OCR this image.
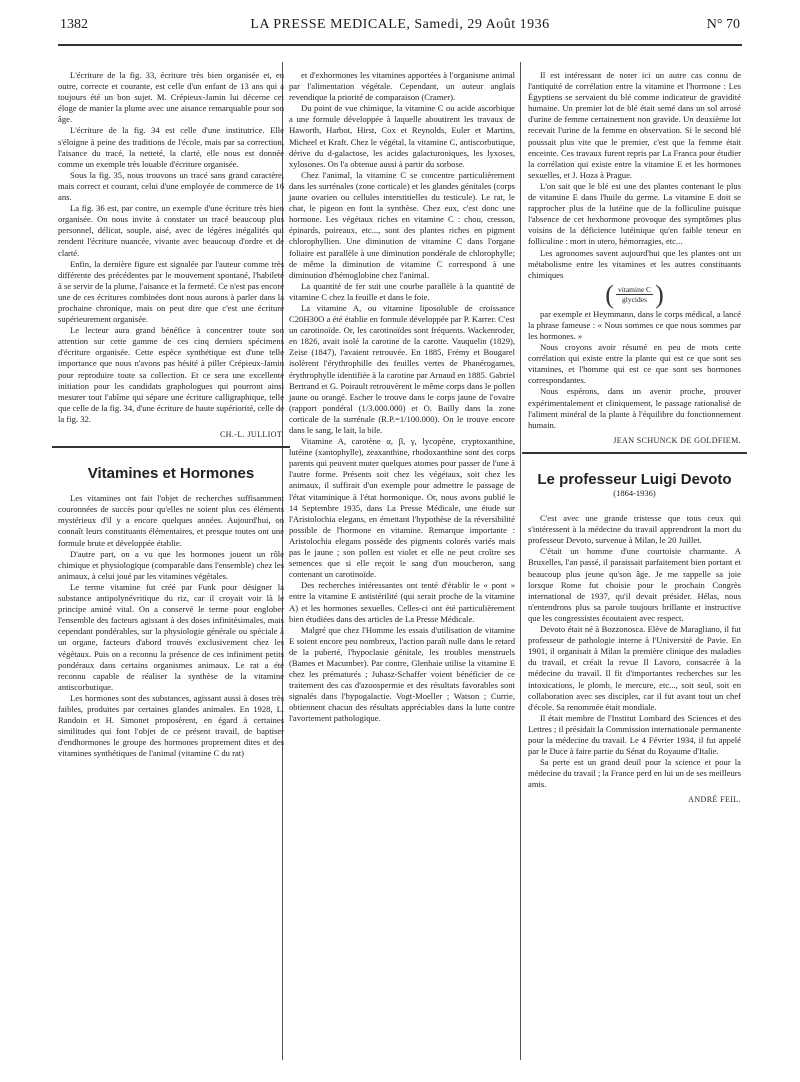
1382	LA PRESSE MEDICALE, Samedi, 29 Août 1936	N° 70

L'écriture de la fig. 33, écriture très bien organisée et, en outre, correcte et courante, est celle d'un enfant de 13 ans qui a toujours été un bon sujet. M. Crépieux-Jamin lui décerne cet éloge de manier la plume avec une aisance remarquable pour son âge.

L'écriture de la fig. 34 est celle d'une institutrice. Elle s'éloigne à peine des traditions de l'école, mais par sa correction, l'aisance du tracé, la netteté, la clarté, elle nous est donnée comme un exemple très louable d'écriture organisée.

Sous la fig. 35, nous trouvons un tracé sans grand caractère, mais correct et courant, celui d'une employée de commerce de 16 ans.

La fig. 36 est, par contre, un exemple d'une écriture très bien organisée. On nous invite à constater un tracé beaucoup plus personnel, délicat, souple, aisé, avec de légères inégalités qui rendent l'écriture nuancée, vivante avec beaucoup d'ordre et de clarté.

Enfin, la dernière figure est signalée par l'auteur comme très différente des précédentes par le mouvement spontané, l'habileté à se servir de la plume, l'aisance et la fermeté. Ce n'est pas encore une de ces écritures combinées dont nous aurons à parler dans la prochaine chronique, mais on peut dire que c'est une écriture supérieurement organisée.

Le lecteur aura grand bénéfice à concentrer toute son attention sur cette gamme de ces cinq derniers spécimens d'écriture organisée. Cette espèce synthétique est d'une telle importance que nous n'avons pas hésité à piller Crépieux-Jamin pour reproduire toute sa collection. Et ce sera une excellente initiation pour les candidats graphologues qui pourront ainsi mesurer tout l'abîme qui sépare une écriture calligraphique, telle que celle de la fig. 34, d'une écriture de haute supériorité, celle de la fig. 32.

CH.-L. JULLIOT.
Vitamines et Hormones

Les vitamines ont fait l'objet de recherches suffisamment couronnées de succès pour qu'elles ne soient plus ces éléments mystérieux d'il y a encore quelques années. Aujourd'hui, on connaît leurs constituants élémentaires, et presque toutes ont une formule brute et développée établie.

D'autre part, on a vu que les hormones jouent un rôle chimique et physiologique (comparable dans l'ensemble) chez les animaux, à celui joué par les vitamines végétales.

Le terme vitamine fut créé par Funk pour désigner la substance antipolynévritique du riz, car il croyait voir là le principe aminé vital. On a conservé le terme pour englober l'ensemble des facteurs agissant à des doses infinitésimales, mais cependant pondérables, sur la physiologie générale ou spéciale à un organe, facteurs d'abord trouvés exclusivement chez les végétaux. Puis on a reconnu la présence de ces infiniment petits pondéraux dans certains organismes animaux. Le rat a été reconnu capable de réaliser la synthèse de la vitamine antiscorbutique.

Les hormones sont des substances, agissant aussi à doses très faibles, produites par certaines glandes animales. En 1928, L. Randoin et H. Simonet proposèrent, en égard à certaines similitudes qui font l'objet de ce présent travail, de baptiser d'endhormones le groupe des hormones proprement dites et des vitamines synthétiques de l'animal (vitamine C du rat)

et d'exhormones les vitamines apportées à l'organisme animal par l'alimentation végétale. Cependant, un auteur anglais revendique la priorité de comparaison (Cramer).

Du point de vue chimique, la vitamine C ou acide ascorbique a une formule développée à laquelle aboutirent les travaux de Haworth, Harbot, Hirst, Cox et Reynolds, Euler et Martins, Micheel et Kraft. Chez le végétal, la vitamine C, antiscorbutique, dérive du d-galactose, les acides galacturoniques, les lyxoses, xylosones. On l'a obtenue aussi à partir du sorbose.

Chez l'animal, la vitamine C se concentre particulièrement dans les surrénales (zone corticale) et les glandes génitales (corps jaune ovarien ou cellules interstitielles du testicule). Le rat, le chat, le pigeon en font la synthèse. Chez eux, c'est donc une hormone. Les végétaux riches en vitamine C : chou, cresson, épinards, poireaux, etc..., sont des plantes riches en pigment chlorophyllien. Une diminution de vitamine C dans l'organe foliaire est parallèle à une diminution pondérale de chlorophylle; de même la diminution de vitamine C correspond à une diminution d'hémoglobine chez l'animal.

La quantité de fer suit une courbe parallèle à la quantité de vitamine C chez la feuille et dans le foie.

La vitamine A, ou vitamine liposoluble de croissance C20H30O a été établie en formule développée par P. Karrer. C'est un carotinoïde. Or, les carotinoïdes sont fréquents. Wackenroder, en 1826, avait isolé la carotine de la carotte. Vauquelin (1829), Zeise (1847), l'avaient retrouvée. En 1885, Frémy et Bougarel isolèrent l'érythrophille des feuilles vertes de Phanérogames, érythrophylle identifiée à la carotine par Arnaud en 1885. Gabriel Bertrand et G. Poirault retrouvèrent le même corps dans le pollen jaune ou orangé. Escher le trouve dans le corps jaune de l'ovaire (rapport pondéral (1/3.000.000) et O. Bailly dans la zone corticale de la surrénale (R.P.=1/100.000). On le trouve encore dans le sang, le lait, la bile.

Vitamine A, carotène α, β, γ, lycopène, cryptoxanthine, lutéine (xantophylle), zeaxanthine, rhodoxanthine sont des corps parents qui peuvent muter quelques atomes pour passer de l'une à l'autre forme. Présents soit chez les végétaux, soit chez les animaux, il suffirait d'un exemple pour admettre le passage de l'état vitaminique à l'état hormonique. Or, nous avons publié le 14 Septembre 1935, dans La Presse Médicale, une étude sur l'Aristolochia elegans, en émettant l'hypothèse de la réversibilité possible de l'hormone en vitamine. Remarque importante : Aristolochia elegans possède des pigments colorés variés mais pas le jaune ; son pollen est violet et elle ne peut croître ses semences que si elle reçoit le sang d'un moucheron, sang contenant un carotinoïde.

Des recherches intéressantes ont tenté d'établir le « pont » entre la vitamine E antistérilité (qui serait proche de la vitamine A) et les hormones sexuelles. Celles-ci ont été particulièrement bien étudiées dans des articles de La Presse Médicale.

Malgré que chez l'Homme les essais d'utilisation de vitamine E soient encore peu nombreux, l'action paraît nulle dans le retard de la puberté, l'hypoclasie génitale, les troubles menstruels (Bames et Macumber). Par contre, Glenhaie utilise la vitamine E chez les prématurés ; Juhasz-Schaffer voient bénéficier de ce traitement des cas d'azoospermie et des résultats favorables sont signalés dans l'hypogalactie. Vogt-Moeller ; Watson ; Currie, obtiennent chacun des résultats appréciables dans la lutte contre l'avortement pathologique.

Il est intéressant de noter ici un autre cas connu de l'antiquité de corrélation entre la vitamine et l'hormone : Les Égyptiens se servaient du blé comme indicateur de gravidité humaine. Un premier lot de blé était semé dans un sol arrosé d'urine de femme certainement non gravide. Un deuxième lot recevait l'urine de la femme en observation. Si le second blé poussait plus vite que le premier, c'est que la femme était enceinte. Ces travaux furent repris par La Franca pour étudier la corrélation qui existe entre la vitamine E et les hormones sexuelles, et J. Hoza à Prague.

L'on sait que le blé est une des plantes contenant le plus de vitamine E dans l'huile du germe. La vitamine E doit se rapprocher plus de la lutéine que de la folliculine puisque l'absence de cet hexhormone provoque des symptômes plus voisins de la déficience lutéinique qu'en faible teneur en folliculine : mort in utero, hémorragies, etc...

Les agronomes savent aujourd'hui que les plantes ont un métabolisme entre les vitamines et les autres constituants chimiques

( $\frac{\text{vitamine C}}{\text{glycides}}$ )

par exemple et Heymmann, dans le corps médical, a lancé la phrase fameuse : « Nous sommes ce que nous sommes par les hormones. »

Nous croyons avoir résumé en peu de mots cette corrélation qui existe entre la plante qui est ce que sont ses vitamines, et l'homme qui est ce que sont ses hormones correspondantes.

Nous espérons, dans un avenir proche, prouver expérimentalement et cliniquement, le passage rationalisé de l'aliment minéral de la plante à l'équilibre du fonctionnement humain.

JEAN SCHUNCK DE GOLDFIEM.
Le professeur Luigi Devoto
(1864-1936)

C'est avec une grande tristesse que tous ceux qui s'intéressent à la médecine du travail apprendront la mort du professeur Devoto, survenue à Milan, le 20 Juillet.

C'était un homme d'une courtoisie charmante. A Bruxelles, l'an passé, il paraissait parfaitement bien portant et beaucoup plus jeune qu'son âge. Je me rappelle sa joie lorsque Rome fut choisie pour le prochain Congrès international de 1937, qu'il devait présider. Hélas, nous n'entendrons plus sa parole toujours brillante et instructive que les congressistes écoutaient avec respect.

Devoto était né à Bozzonosca. Elève de Maragliano, il fut professeur de pathologie interne à l'Université de Pavie. En 1901, il organisait à Milan la première clinique des maladies du travail, et créait la revue Il Lavoro, consacrée à la médecine du travail. Il fit d'importantes recherches sur les intoxications, le plomb, le mercure, etc..., soit seul, soit en collaboration avec ses disciples, car il fut avant tout un chef d'école. Sa renommée était mondiale.

Il était membre de l'Institut Lombard des Sciences et des Lettres ; il présidait la Commission internationale permanente pour la médecine du travail. Le 4 Février 1934, il fut appelé par le Duce à faire partie du Sénat du Royaume d'Italie.

Sa perte est un grand deuil pour la science et pour la médecine du travail ; la France perd en lui un de ses meilleurs amis.

ANDRÉ FEIL.
